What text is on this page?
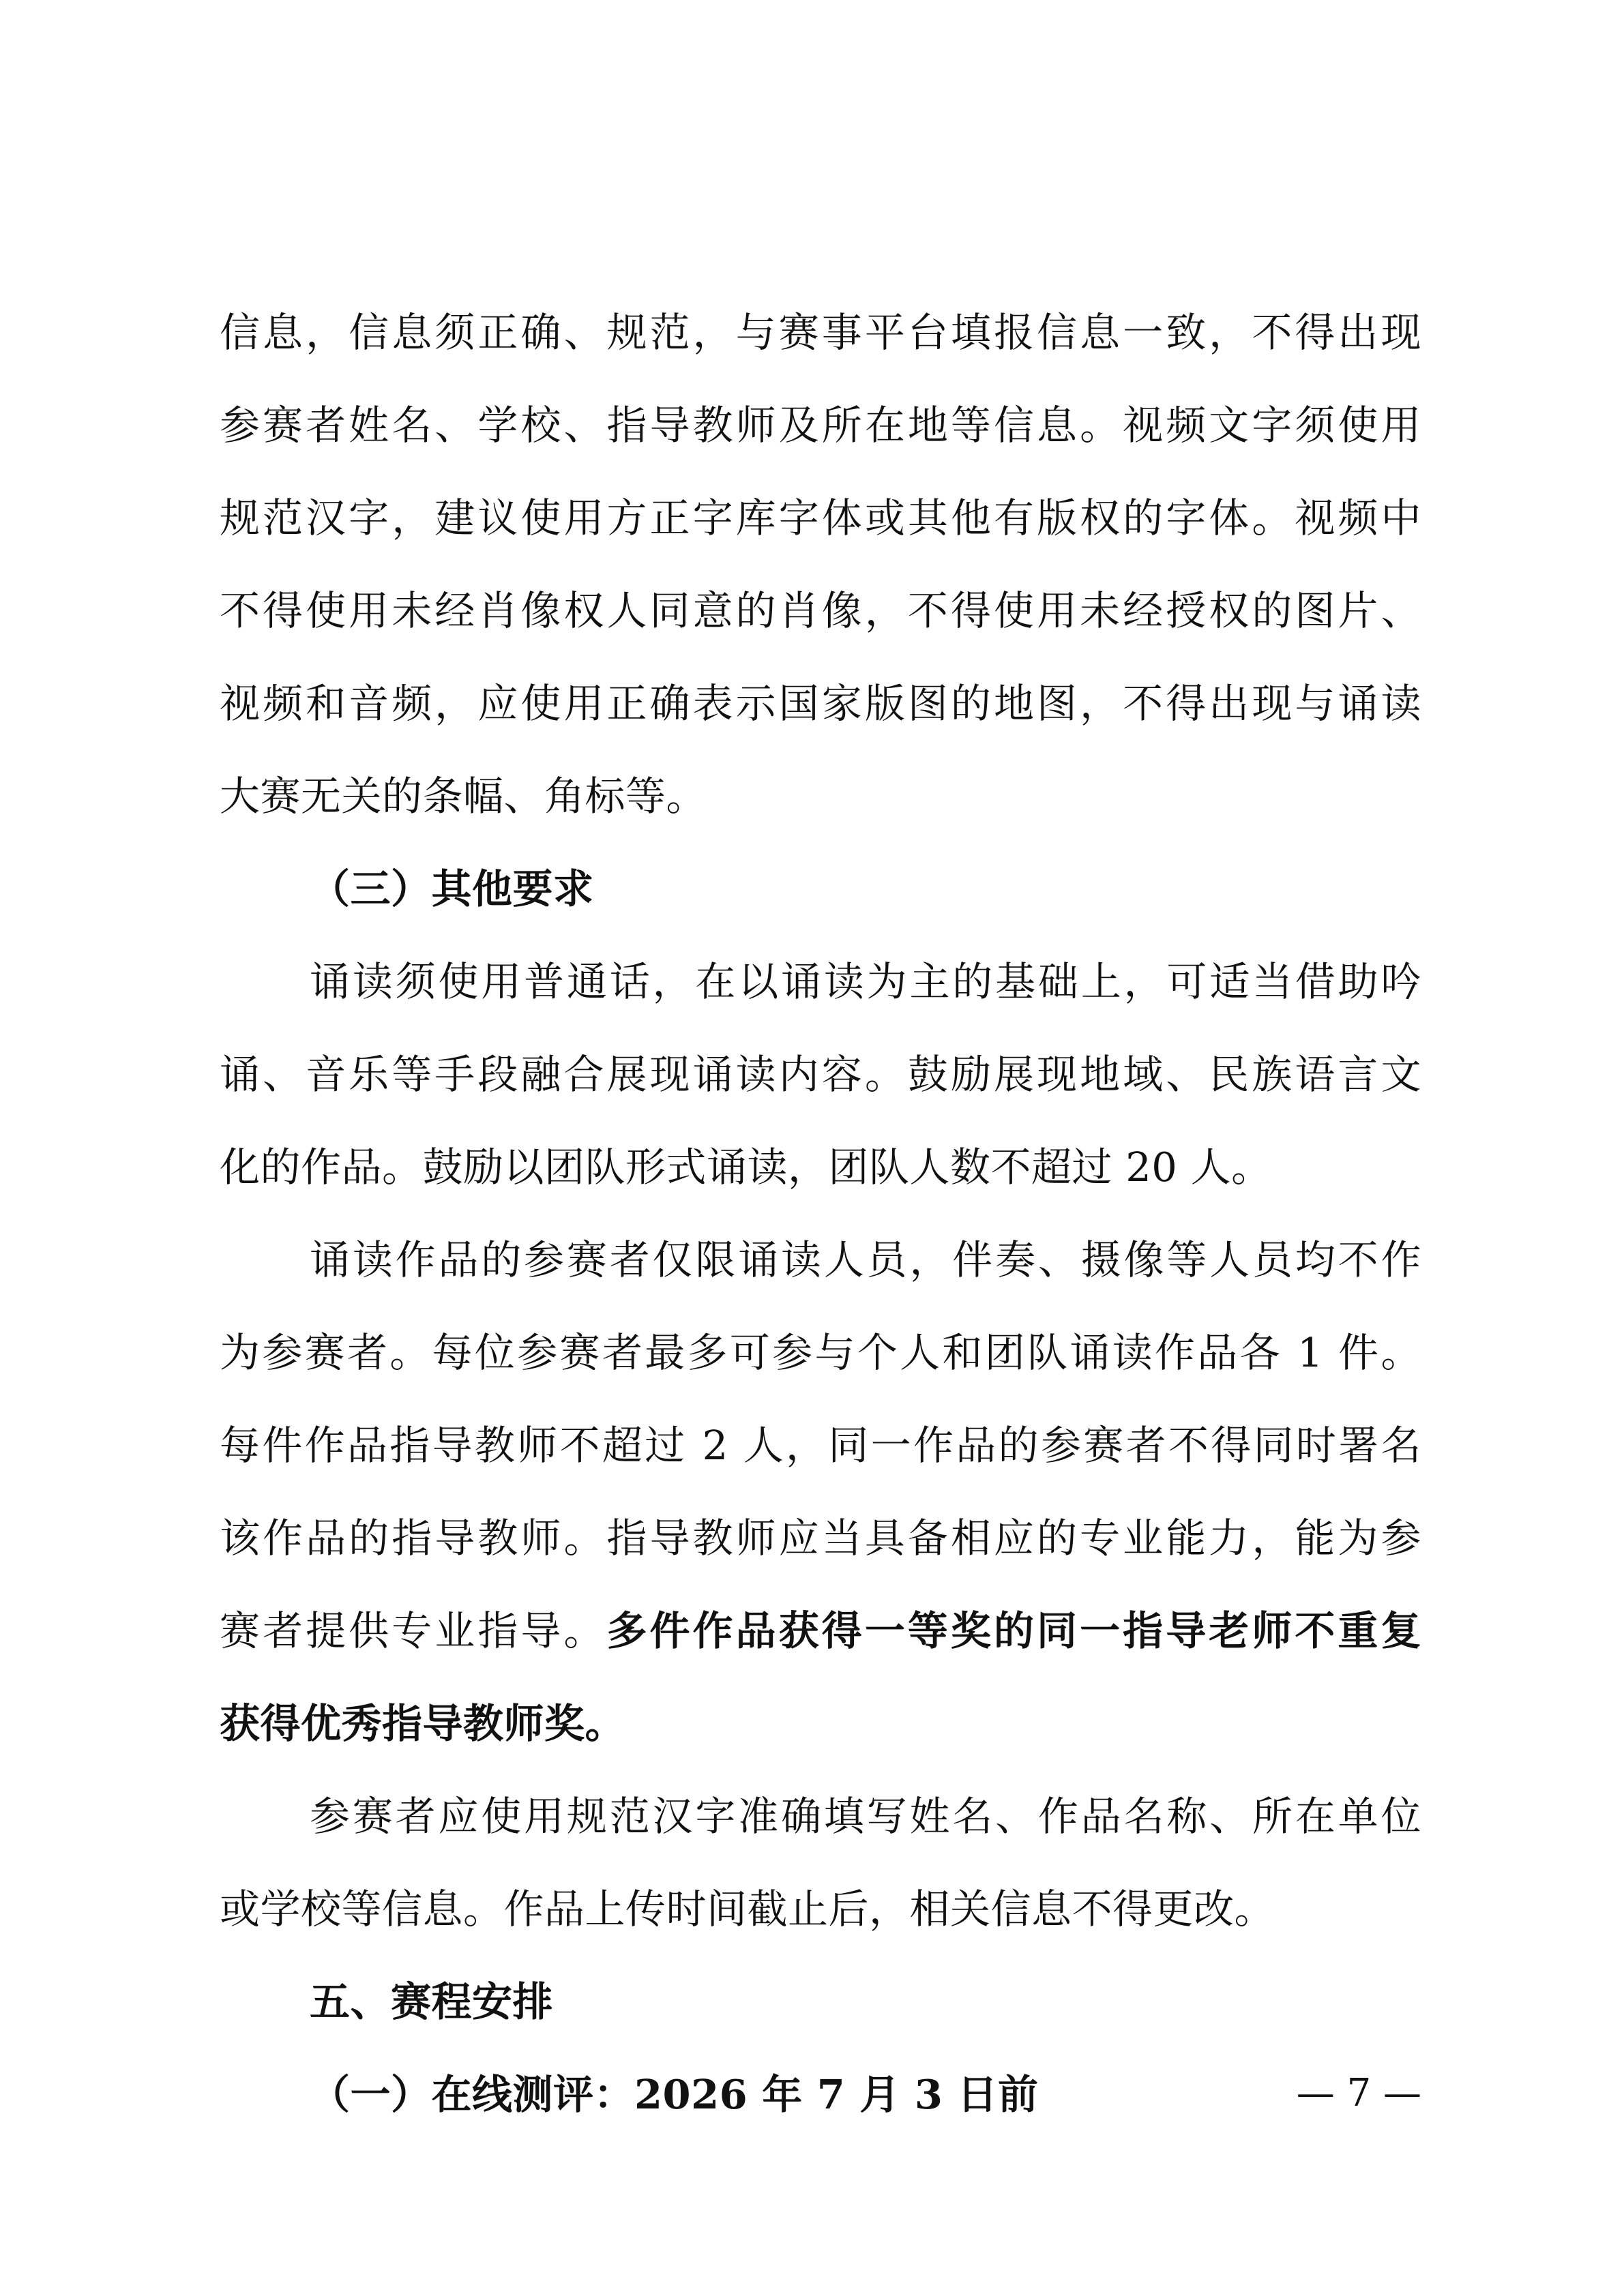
信息，信息须正确、规范，与赛事平台填报信息一致，不得出现
参赛者姓名、学校、指导教师及所在地等信息。视频文字须使用
规范汉字，建议使用方正字库字体或其他有版权的字体。视频中
不得使用未经肖像权人同意的肖像，不得使用未经授权的图片、
视频和音频，应使用正确表示国家版图的地图，不得出现与诵读
大赛无关的条幅、角标等。
（三）其他要求
诵读须使用普通话，在以诵读为主的基础上，可适当借助吟
诵、音乐等手段融合展现诵读内容。鼓励展现地域、民族语言文
化的作品。鼓励以团队形式诵读，团队人数不超过 20 人。
诵读作品的参赛者仅限诵读人员，伴奏、摄像等人员均不作
为参赛者。每位参赛者最多可参与个人和团队诵读作品各 1 件。
每件作品指导教师不超过 2 人，同一作品的参赛者不得同时署名
该作品的指导教师。指导教师应当具备相应的专业能力，能为参
赛者提供专业指导。多件作品获得一等奖的同一指导老师不重复
获得优秀指导教师奖。
参赛者应使用规范汉字准确填写姓名、作品名称、所在单位
或学校等信息。作品上传时间截止后，相关信息不得更改。
五、赛程安排
（一）在线测评：2026 年 7 月 3 日前	— 7 —
